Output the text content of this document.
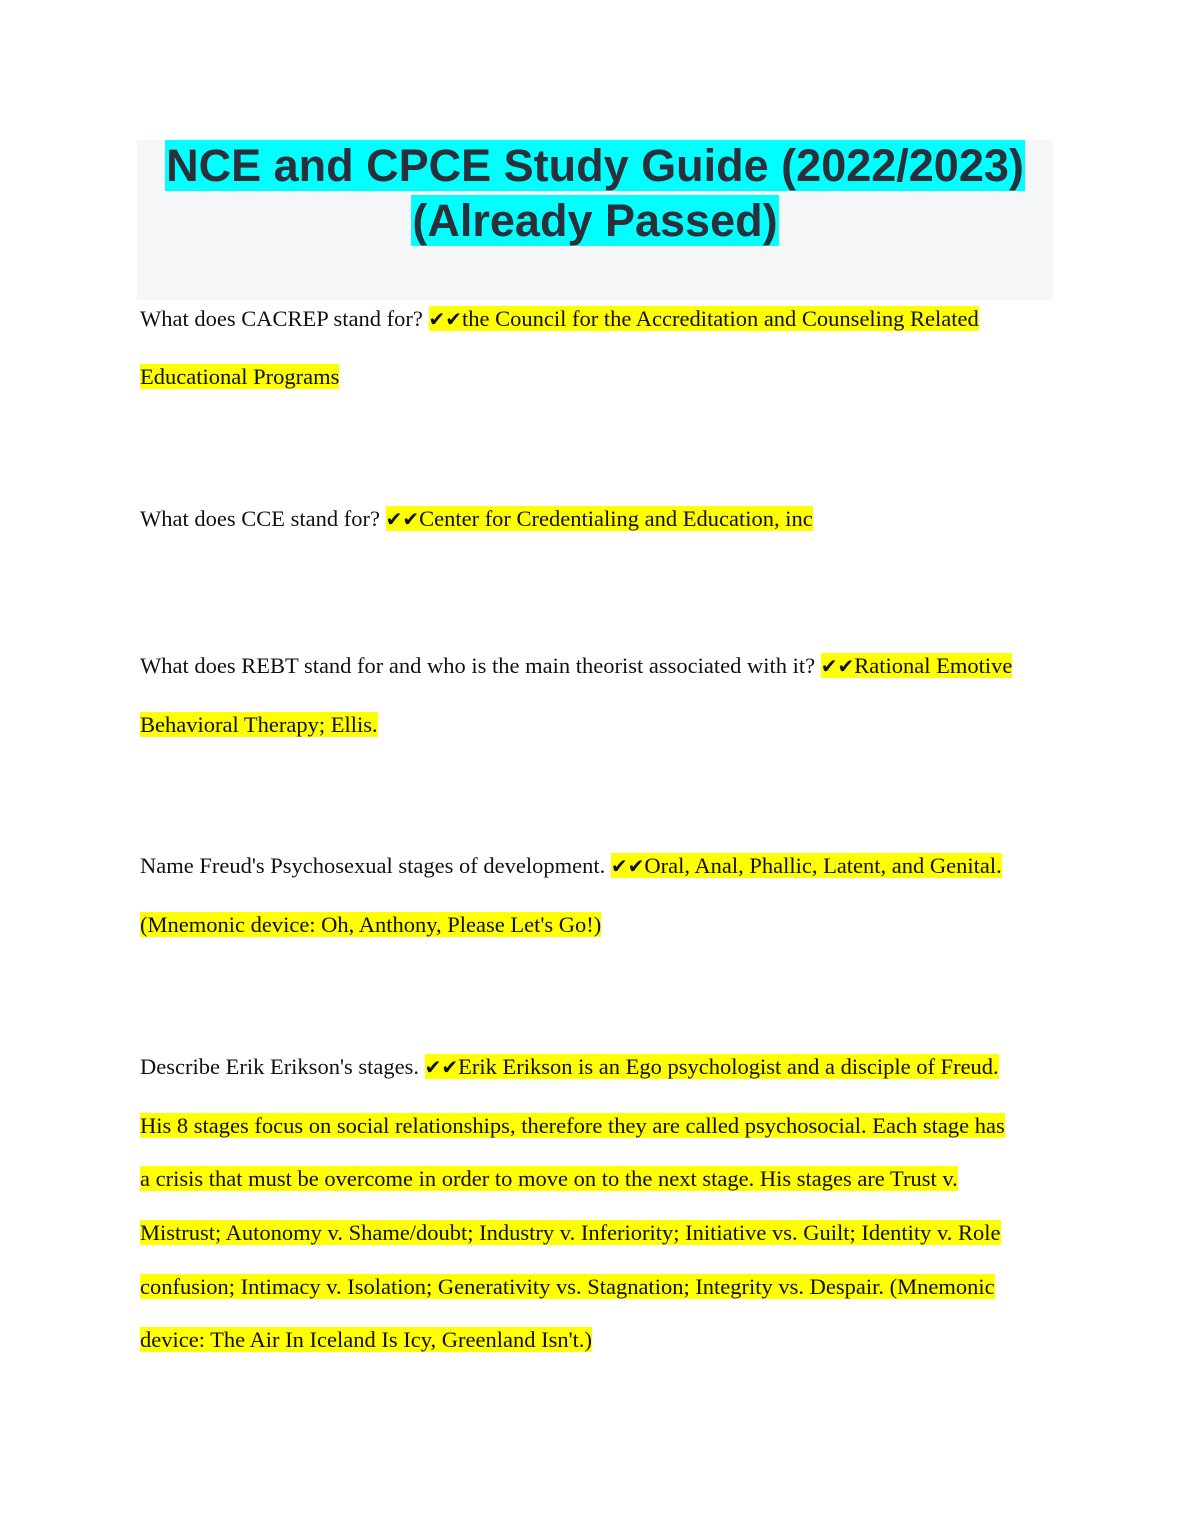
NCE and CPCE Study Guide (2022/2023)
(Already Passed)
What does CACREP stand for? ✔✔the Council for the Accreditation and Counseling Related
Educational Programs
What does CCE stand for? ✔✔Center for Credentialing and Education, inc
What does REBT stand for and who is the main theorist associated with it? ✔✔Rational Emotive
Behavioral Therapy; Ellis.
Name Freud's Psychosexual stages of development. ✔✔Oral, Anal, Phallic, Latent, and Genital.
(Mnemonic device: Oh, Anthony, Please Let's Go!)
Describe Erik Erikson's stages. ✔✔Erik Erikson is an Ego psychologist and a disciple of Freud.
His 8 stages focus on social relationships, therefore they are called psychosocial. Each stage has
a crisis that must be overcome in order to move on to the next stage. His stages are Trust v.
Mistrust; Autonomy v. Shame/doubt; Industry v. Inferiority; Initiative vs. Guilt; Identity v. Role
confusion; Intimacy v. Isolation; Generativity vs. Stagnation; Integrity vs. Despair. (Mnemonic
device: The Air In Iceland Is Icy, Greenland Isn't.)
